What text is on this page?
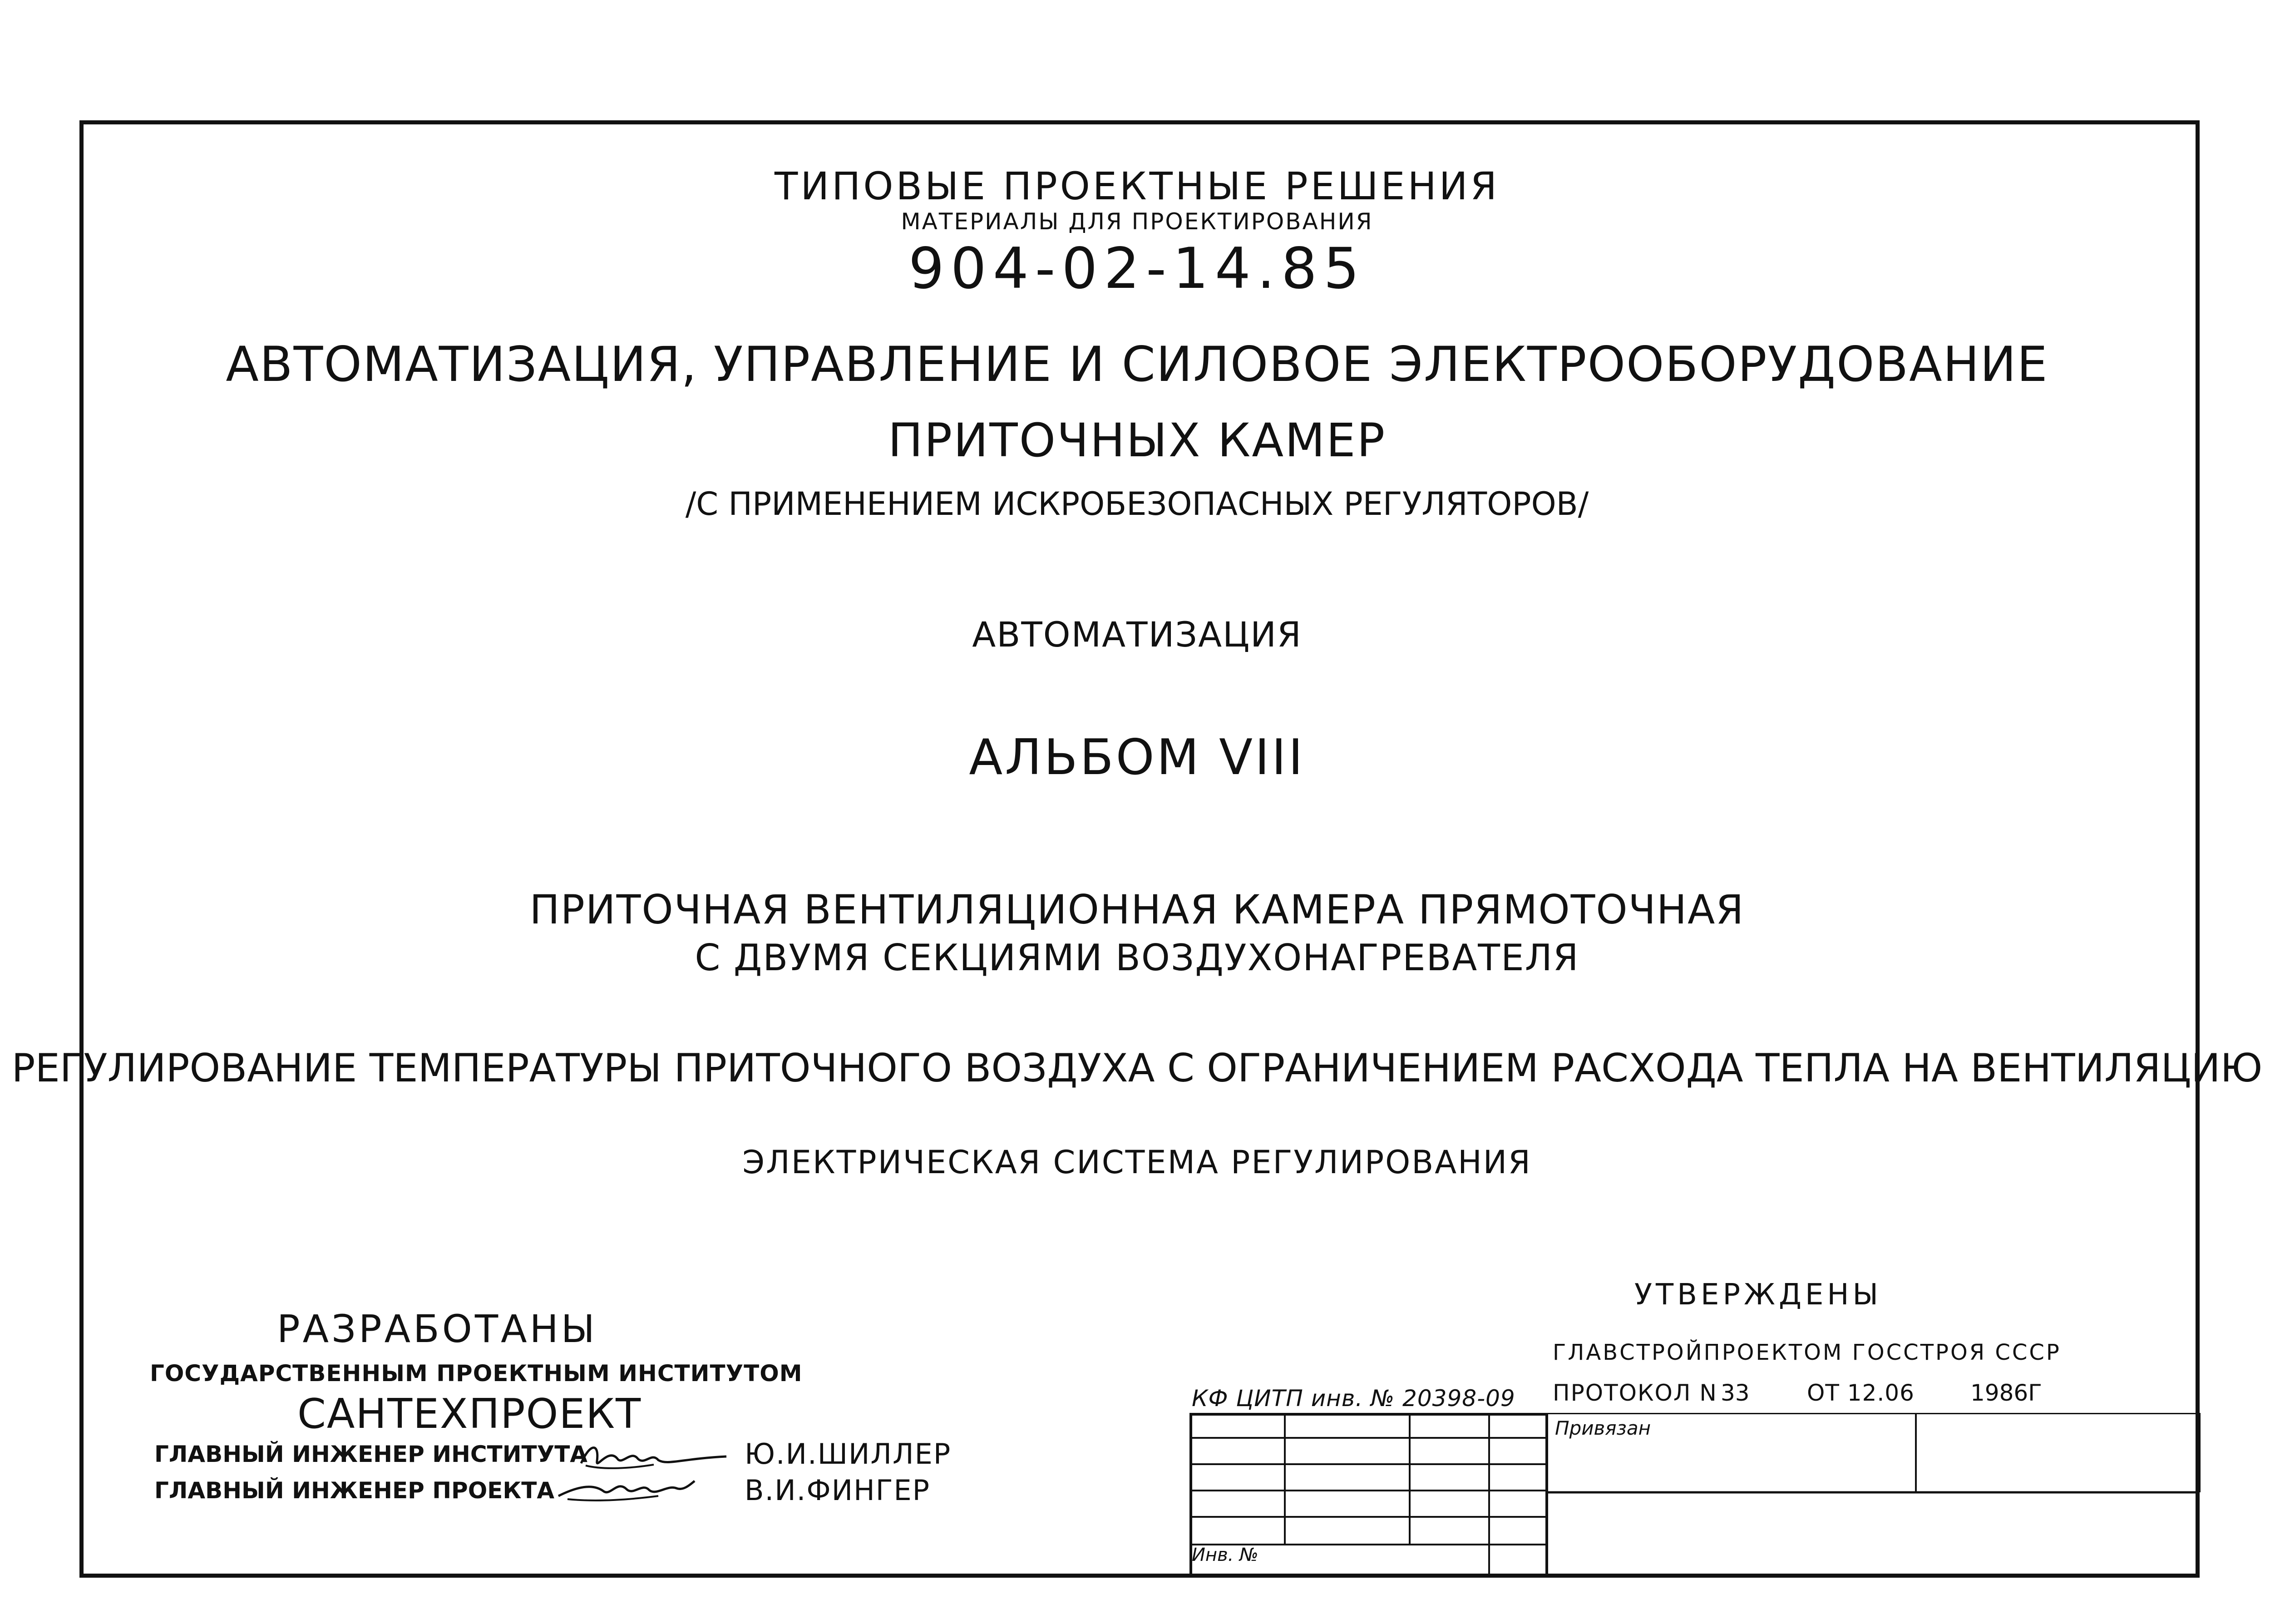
ТИПОВЫЕ ПРОЕКТНЫЕ РЕШЕНИЯ
МАТЕРИАЛЫ ДЛЯ ПРОЕКТИРОВАНИЯ
904-02-14.85
АВТОМАТИЗАЦИЯ, УПРАВЛЕНИЕ И СИЛОВОЕ ЭЛЕКТРООБОРУДОВАНИЕ
ПРИТОЧНЫХ КАМЕР
/С ПРИМЕНЕНИЕМ ИСКРОБЕЗОПАСНЫХ РЕГУЛЯТОРОВ/
АВТОМАТИЗАЦИЯ
АЛЬБОМ VIII
ПРИТОЧНАЯ ВЕНТИЛЯЦИОННАЯ КАМЕРА ПРЯМОТОЧНАЯ
С ДВУМЯ СЕКЦИЯМИ ВОЗДУХОНАГРЕВАТЕЛЯ
РЕГУЛИРОВАНИЕ ТЕМПЕРАТУРЫ ПРИТОЧНОГО ВОЗДУХА С ОГРАНИЧЕНИЕМ РАСХОДА ТЕПЛА НА ВЕНТИЛЯЦИЮ
ЭЛЕКТРИЧЕСКАЯ СИСТЕМА РЕГУЛИРОВАНИЯ
РАЗРАБОТАНЫ
ГОСУДАРСТВЕННЫМ ПРОЕКТНЫМ ИНСТИТУТОМ
САНТЕХПРОЕКТ
ГЛАВНЫЙ ИНЖЕНЕР ИНСТИТУТА
ГЛАВНЫЙ ИНЖЕНЕР ПРОЕКТА
Ю.И.ШИЛЛЕР
В.И.ФИНГЕР
УТВЕРЖДЕНЫ
ГЛАВСТРОЙПРОЕКТОМ ГОССТРОЯ СССР
ПРОТОКОЛ N 33	ОТ 12.06 1986Г
КФ ЦИТП инв. № 20398-09
Привязан
Инв. №
